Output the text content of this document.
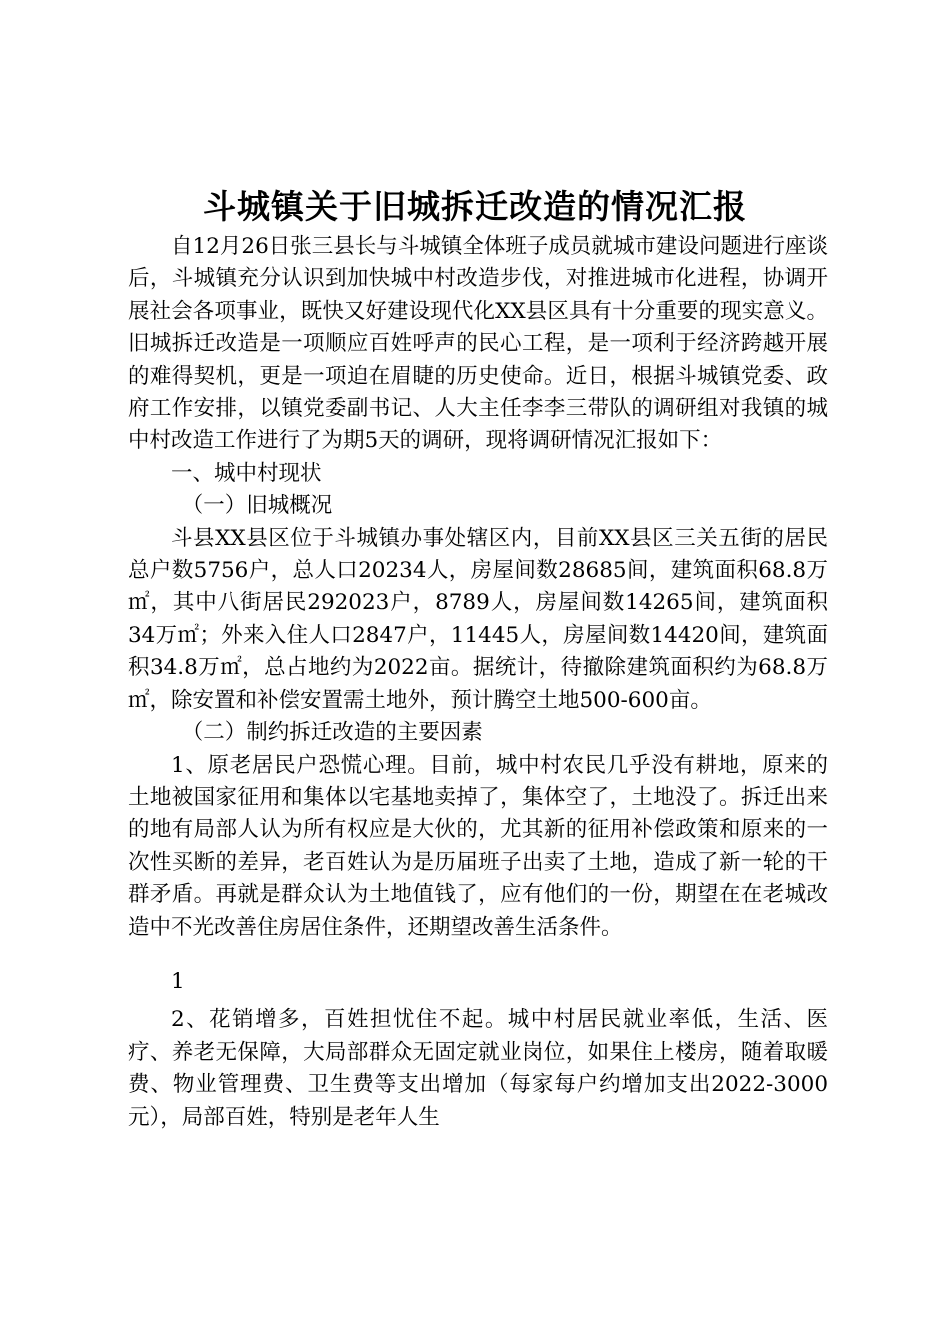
斗城镇关于旧城拆迁改造的情况汇报

自12月26日张三县长与斗城镇全体班子成员就城市建设问题进行座谈后，斗城镇充分认识到加快城中村改造步伐，对推进城市化进程，协调开展社会各项事业，既快又好建设现代化XX县区具有十分重要的现实意义。旧城拆迁改造是一项顺应百姓呼声的民心工程，是一项利于经济跨越开展的难得契机，更是一项迫在眉睫的历史使命。近日，根据斗城镇党委、政府工作安排，以镇党委副书记、人大主任李李三带队的调研组对我镇的城中村改造工作进行了为期5天的调研，现将调研情况汇报如下：

一、城中村现状

（一）旧城概况

斗县XX县区位于斗城镇办事处辖区内，目前XX县区三关五街的居民总户数5756户，总人口20234人，房屋间数28685间，建筑面积68.8万㎡，其中八街居民292023户，8789人，房屋间数14265间，建筑面积34万㎡；外来入住人口2847户，11445人，房屋间数14420间，建筑面积34.8万㎡，总占地约为2022亩。据统计，待撤除建筑面积约为68.8万㎡，除安置和补偿安置需土地外，预计腾空土地500-600亩。

（二）制约拆迁改造的主要因素

1、原老居民户恐慌心理。目前，城中村农民几乎没有耕地，原来的土地被国家征用和集体以宅基地卖掉了，集体空了，土地没了。拆迁出来的地有局部人认为所有权应是大伙的，尤其新的征用补偿政策和原来的一次性买断的差异，老百姓认为是历届班子出卖了土地，造成了新一轮的干群矛盾。再就是群众认为土地值钱了，应有他们的一份，期望在在老城改造中不光改善住房居住条件，还期望改善生活条件。

1

2、花销增多，百姓担忧住不起。城中村居民就业率低，生活、医疗、养老无保障，大局部群众无固定就业岗位，如果住上楼房，随着取暖费、物业管理费、卫生费等支出增加（每家每户约增加支出2022-3000元），局部百姓，特别是老年人生
